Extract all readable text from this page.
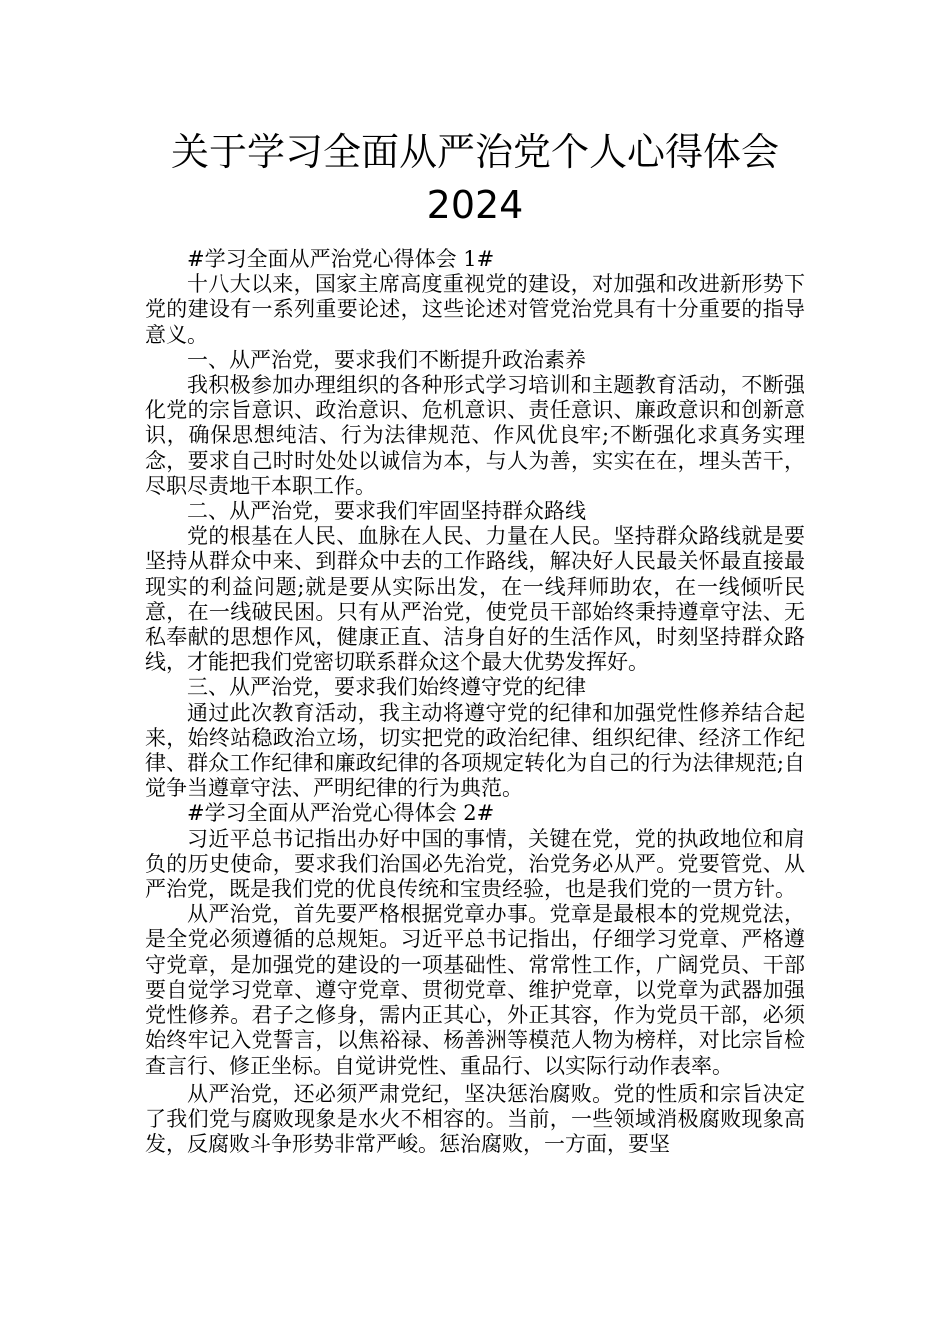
关于学习全面从严治党个人心得体会
2024

#学习全面从严治党心得体会 1#

十八大以来，国家主席高度重视党的建设，对加强和改进新形势下党的建设有一系列重要论述，这些论述对管党治党具有十分重要的指导意义。

一、从严治党，要求我们不断提升政治素养

我积极参加办理组织的各种形式学习培训和主题教育活动，不断强化党的宗旨意识、政治意识、危机意识、责任意识、廉政意识和创新意识，确保思想纯洁、行为法律规范、作风优良牢;不断强化求真务实理念，要求自己时时处处以诚信为本，与人为善，实实在在，埋头苦干，尽职尽责地干本职工作。

二、从严治党，要求我们牢固坚持群众路线

党的根基在人民、血脉在人民、力量在人民。坚持群众路线就是要坚持从群众中来、到群众中去的工作路线，解决好人民最关怀最直接最现实的利益问题;就是要从实际出发，在一线拜师助农，在一线倾听民意，在一线破民困。只有从严治党，使党员干部始终秉持遵章守法、无私奉献的思想作风，健康正直、洁身自好的生活作风，时刻坚持群众路线，才能把我们党密切联系群众这个最大优势发挥好。

三、从严治党，要求我们始终遵守党的纪律

通过此次教育活动，我主动将遵守党的纪律和加强党性修养结合起来，始终站稳政治立场，切实把党的政治纪律、组织纪律、经济工作纪律、群众工作纪律和廉政纪律的各项规定转化为自己的行为法律规范;自觉争当遵章守法、严明纪律的行为典范。

#学习全面从严治党心得体会 2#

习近平总书记指出办好中国的事情，关键在党，党的执政地位和肩负的历史使命，要求我们治国必先治党，治党务必从严。党要管党、从严治党，既是我们党的优良传统和宝贵经验，也是我们党的一贯方针。

从严治党，首先要严格根据党章办事。党章是最根本的党规党法，是全党必须遵循的总规矩。习近平总书记指出，仔细学习党章、严格遵守党章，是加强党的建设的一项基础性、常常性工作，广阔党员、干部要自觉学习党章、遵守党章、贯彻党章、维护党章，以党章为武器加强党性修养。君子之修身，需内正其心，外正其容，作为党员干部，必须始终牢记入党誓言，以焦裕禄、杨善洲等模范人物为榜样，对比宗旨检查言行、修正坐标。自觉讲党性、重品行、以实际行动作表率。

从严治党，还必须严肃党纪，坚决惩治腐败。党的性质和宗旨决定了我们党与腐败现象是水火不相容的。当前，一些领域消极腐败现象高发，反腐败斗争形势非常严峻。惩治腐败，一方面，要坚
